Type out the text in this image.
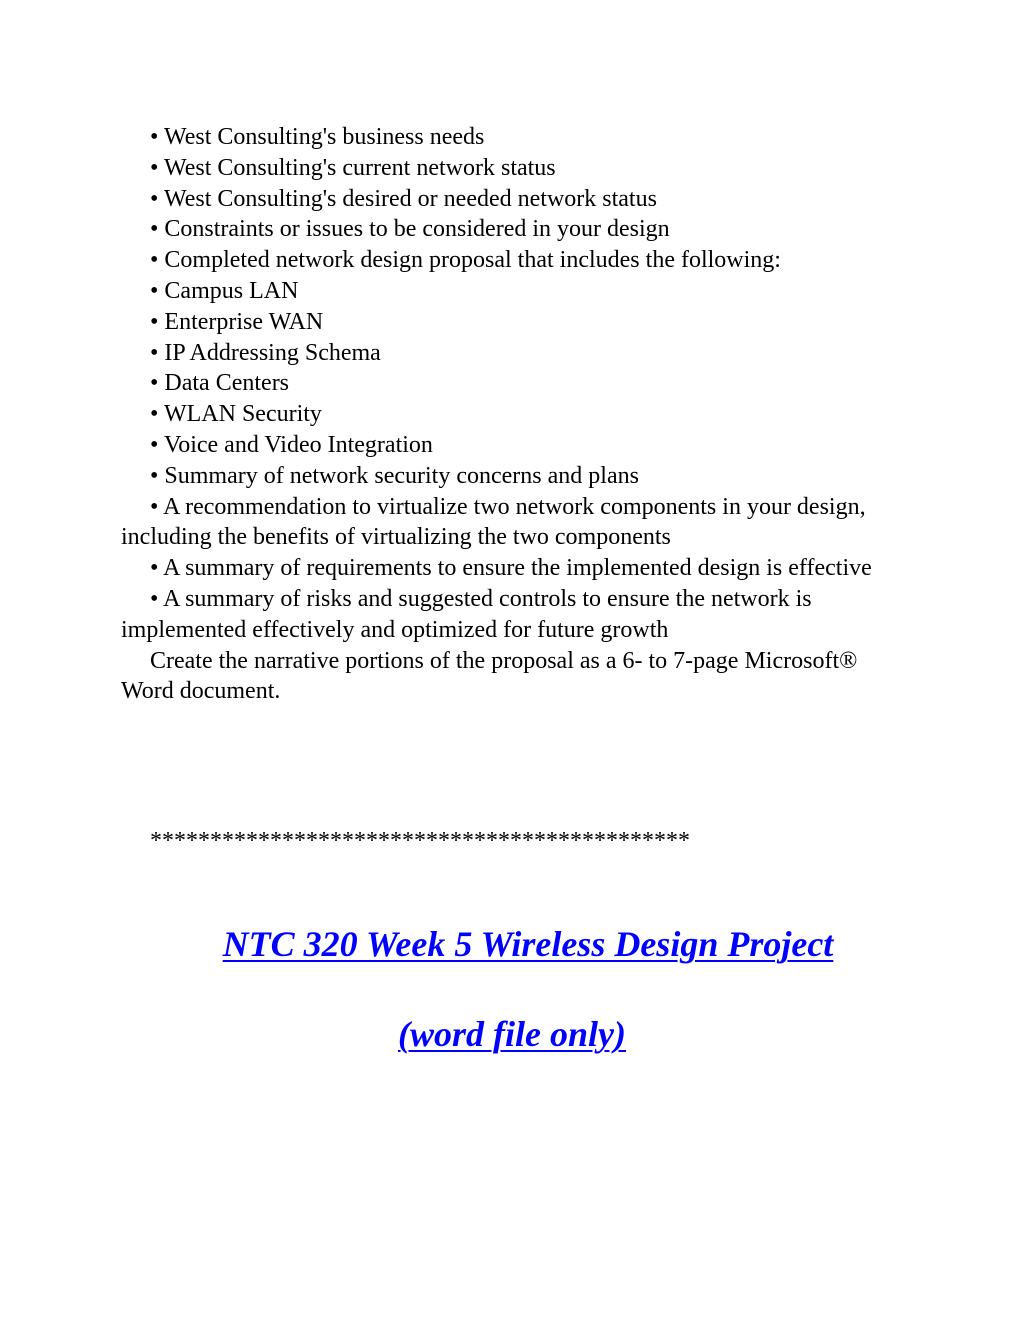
• West Consulting's business needs

• West Consulting's current network status

• West Consulting's desired or needed network status

• Constraints or issues to be considered in your design

• Completed network design proposal that includes the following:

• Campus LAN

• Enterprise WAN

• IP Addressing Schema

• Data Centers

• WLAN Security

• Voice and Video Integration

• Summary of network security concerns and plans

• A recommendation to virtualize two network components in your design, including the benefits of virtualizing the two components

• A summary of requirements to ensure the implemented design is effective

• A summary of risks and suggested controls to ensure the network is implemented effectively and optimized for future growth

Create the narrative portions of the proposal as a 6- to 7-page Microsoft® Word document.

*********************************************
NTC 320 Week 5 Wireless Design Project
(word file only)
